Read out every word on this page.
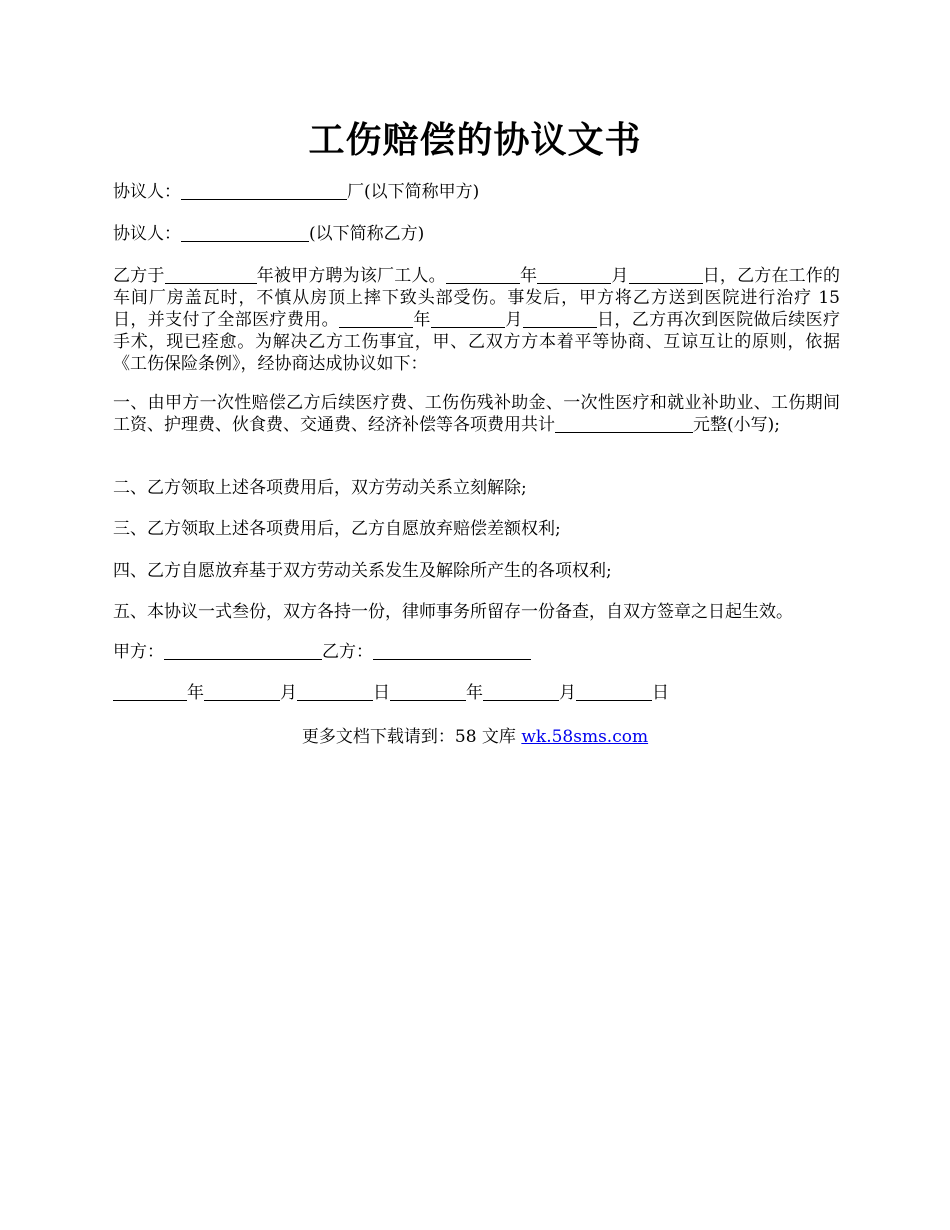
工伤赔偿的协议文书

协议人：	厂(以下简称甲方)

协议人：	(以下简称乙方)

乙方于	年被甲方聘为该厂工人。	年	月	日，乙方在工作的车间厂房盖瓦时，不慎从房顶上摔下致头部受伤。事发后，甲方将乙方送到医院进行治疗 15 日，并支付了全部医疗费用。	年	月	日，乙方再次到医院做后续医疗手术，现已痊愈。为解决乙方工伤事宜，甲、乙双方方本着平等协商、互谅互让的原则，依据《工伤保险条例》，经协商达成协议如下：

一、由甲方一次性赔偿乙方后续医疗费、工伤伤残补助金、一次性医疗和就业补助业、工伤期间工资、护理费、伙食费、交通费、经济补偿等各项费用共计	元整(小写);

二、乙方领取上述各项费用后，双方劳动关系立刻解除;

三、乙方领取上述各项费用后，乙方自愿放弃赔偿差额权利;

四、乙方自愿放弃基于双方劳动关系发生及解除所产生的各项权利;

五、本协议一式叁份，双方各持一份，律师事务所留存一份备查，自双方签章之日起生效。

甲方：	乙方：

年	月	日	年	月	日

更多文档下载请到：58 文库 wk.58sms.com
